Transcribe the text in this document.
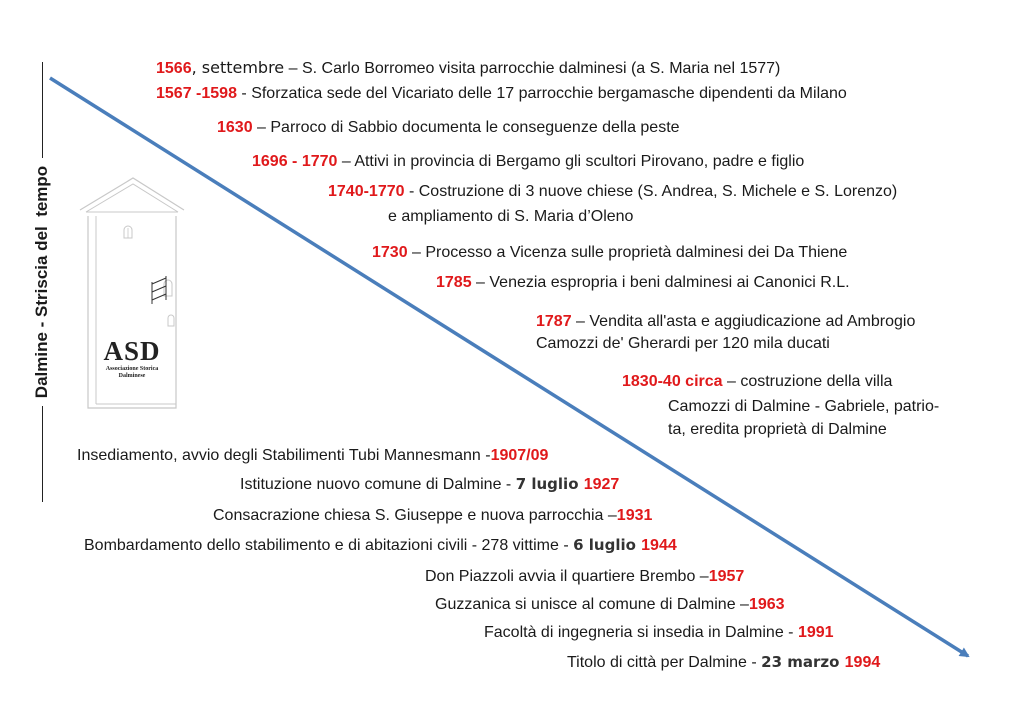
Dalmine - Striscia del  tempo	ASD
Associazione Storica
Dalminese
1566, settembre – S. Carlo Borromeo visita parrocchie dalminesi (a S. Maria nel 1577)
1567 -1598 - Sforzatica sede del Vicariato delle 17 parrocchie bergamasche dipendenti da Milano
1630 – Parroco di Sabbio documenta le conseguenze della peste
1696 - 1770 – Attivi in provincia di Bergamo gli scultori Pirovano, padre e figlio
1740-1770 - Costruzione di 3 nuove chiese (S. Andrea, S. Michele e S. Lorenzo)
e ampliamento di S. Maria d’Oleno
1730 – Processo a Vicenza sulle proprietà dalminesi dei Da Thiene
1785 – Venezia espropria i beni dalminesi ai Canonici R.L.
1787 – Vendita all'asta e aggiudicazione ad Ambrogio
Camozzi de' Gherardi per 120 mila ducati
1830-40 circa – costruzione della villa
Camozzi di Dalmine - Gabriele, patrio-
ta, eredita proprietà di Dalmine
Insediamento, avvio degli Stabilimenti Tubi Mannesmann -1907/09
Istituzione nuovo comune di Dalmine - 7 luglio 1927
Consacrazione chiesa S. Giuseppe e nuova parrocchia –1931
Bombardamento dello stabilimento e di abitazioni civili - 278 vittime - 6 luglio 1944
Don Piazzoli avvia il quartiere Brembo –1957
Guzzanica si unisce al comune di Dalmine –1963
Facoltà di ingegneria si insedia in Dalmine - 1991
Titolo di città per Dalmine - 23 marzo 1994
